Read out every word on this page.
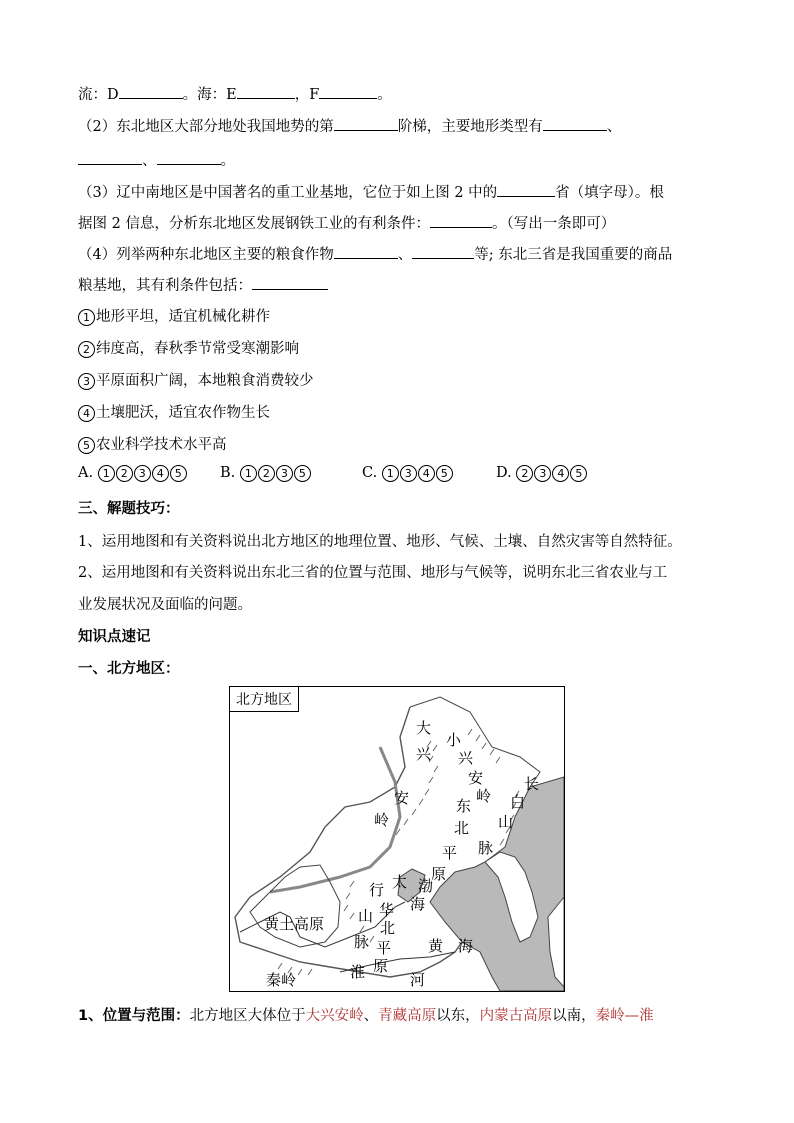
流：D	。海：E	，F	。
（2）东北地区大部分地处我国地势的第	阶梯，主要地形类型有	、
、	。
（3）辽中南地区是中国著名的重工业基地，它位于如上图 2 中的	省（填字母）。根
据图 2 信息，分析东北地区发展钢铁工业的有利条件：	。（写出一条即可）
（4）列举两种东北地区主要的粮食作物	、	等; 东北三省是我国重要的商品
粮基地，其有利条件包括：
1 地形平坦，适宜机械化耕作
2 纬度高，春秋季节常受寒潮影响
3 平原面积广阔，本地粮食消费较少
4 土壤肥沃，适宜农作物生长
5 农业科学技术水平高
A. 1 2 3 4 5	B. 1 2 3 5	C. 1 3 4 5	D. 2 3 4 5
三、解题技巧：
1、运用地图和有关资料说出北方地区的地理位置、地形、气候、土壤、自然灾害等自然特征。
2、运用地图和有关资料说出东北三省的位置与范围、地形与气候等，说明东北三省农业与工
业发展状况及面临的问题。
知识点速记
一、北方地区：
北方地区
大
兴
安
岭
小
兴
安
岭
东
北
平
原
长
白
山
脉
太
行
山
脉
渤
海
华
北
平
原
黄土高原
黄 海
秦岭	淮	河
1、位置与范围：北方地区大体位于大兴安岭、青藏高原以东，内蒙古高原以南，秦岭—淮
